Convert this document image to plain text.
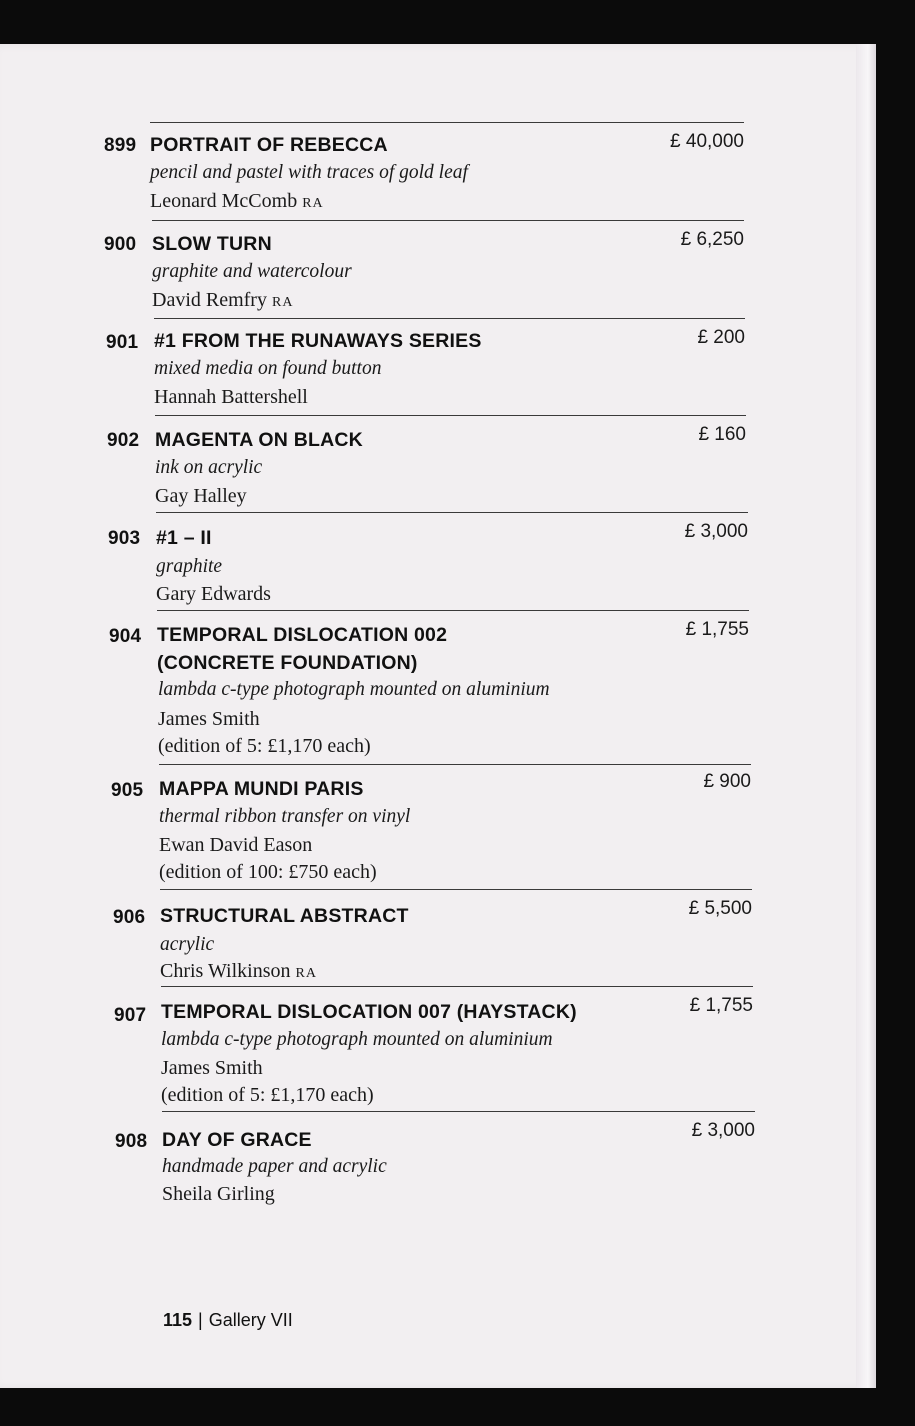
899 PORTRAIT OF REBECCA
pencil and pastel with traces of gold leaf
Leonard McComb RA
£ 40,000
900 SLOW TURN
graphite and watercolour
David Remfry RA
£ 6,250
901 #1 FROM THE RUNAWAYS SERIES
mixed media on found button
Hannah Battershell
£ 200
902 MAGENTA ON BLACK
ink on acrylic
Gay Halley
£ 160
903 #1 – II
graphite
Gary Edwards
£ 3,000
904 TEMPORAL DISLOCATION 002
(CONCRETE FOUNDATION)
lambda c-type photograph mounted on aluminium
James Smith
(edition of 5: £1,170 each)
£ 1,755
905 MAPPA MUNDI PARIS
thermal ribbon transfer on vinyl
Ewan David Eason
(edition of 100: £750 each)
£ 900
906 STRUCTURAL ABSTRACT
acrylic
Chris Wilkinson RA
£ 5,500
907 TEMPORAL DISLOCATION 007 (HAYSTACK)
lambda c-type photograph mounted on aluminium
James Smith
(edition of 5: £1,170 each)
£ 1,755
908 DAY OF GRACE
handmade paper and acrylic
Sheila Girling
£ 3,000
115 | Gallery VII
